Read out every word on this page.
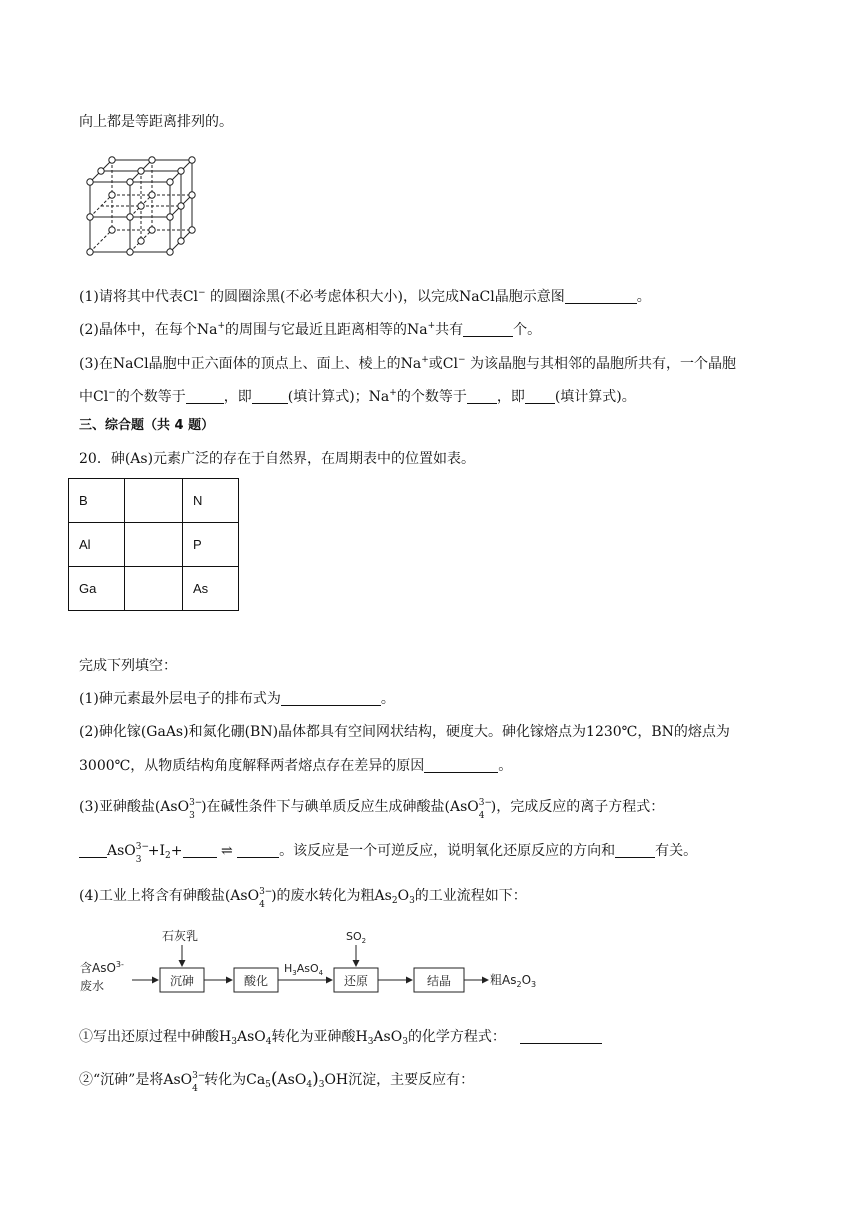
向上都是等距离排列的。
(1)请将其中代表Cl− 的圆圈涂黑(不必考虑体积大小)，以完成NaCl晶胞示意图	。
(2)晶体中，在每个Na+的周围与它最近且距离相等的Na+共有	个。
(3)在NaCl晶胞中正六面体的顶点上、面上、棱上的Na+或Cl− 为该晶胞与其相邻的晶胞所共有，一个晶胞
中Cl−的个数等于	，即	(填计算式)；Na+的个数等于 ，即 (填计算式)。
三、综合题（共 4 题）
20．砷(As)元素广泛的存在于自然界，在周期表中的位置如表。
B		N
Al		P
Ga		As
完成下列填空：
(1)砷元素最外层电子的排布式为	。
(2)砷化镓(GaAs)和氮化硼(BN)晶体都具有空间网状结构，硬度大。砷化镓熔点为1230℃，BN的熔点为
3000℃，从物质结构角度解释两者熔点存在差异的原因	。
(3)亚砷酸盐(AsO 3−
3
)在碱性条件下与碘单质反应生成砷酸盐(AsO 3−
4
)，完成反应的离子方程式：
AsO 3−
3
$+I_2+$	⇌	。该反应是一个可逆反应，说明氧化还原反应的方向和	有关。
(4)工业上将含有砷酸盐(AsO 3−
4
)的废水转化为粗$As_2O_3$的工业流程如下：
含AsO$^{3-}$
废水
石灰乳
沉砷	酸化
$H_3AsO_4$
$SO_2$
还原	结晶	粗$As_2O_3$
①写出还原过程中砷酸$H_3AsO_4$转化为亚砷酸$H_3AsO_3$的化学方程式：
②“沉砷”是将AsO 3−
4
转化为$Ca_5(AsO_4)_3OH$沉淀，主要反应有：
